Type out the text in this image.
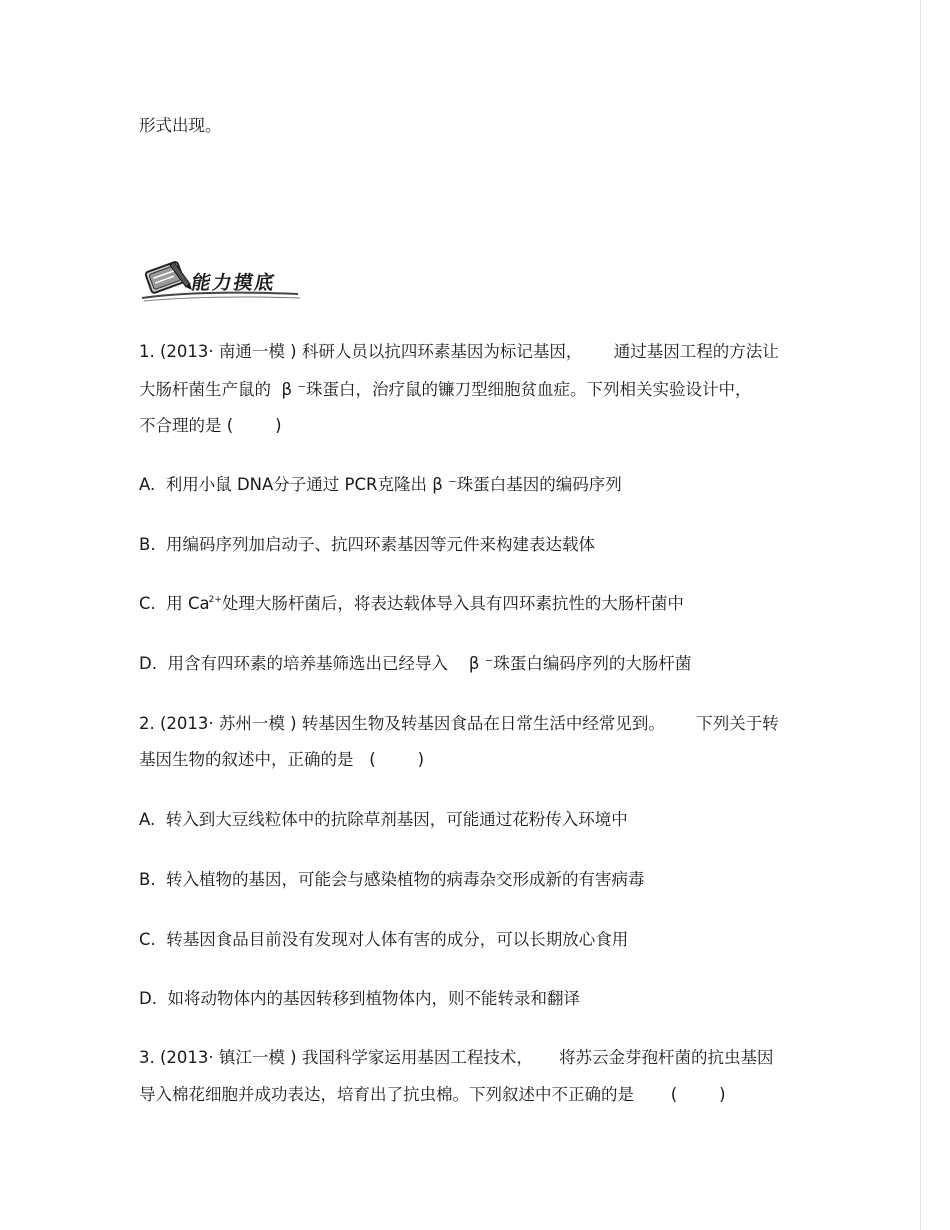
形式出现。
能力摸底
1. (2013· 南通一模 ) 科研人员以抗四环素基因为标记基因，      通过基因工程的方法让
大肠杆菌生产鼠的  β ⁻珠蛋白，治疗鼠的镰刀型细胞贫血症。下列相关实验设计中，
不合理的是 (        )
A.  利用小鼠 DNA分子通过 PCR克隆出 β ⁻珠蛋白基因的编码序列
B.  用编码序列加启动子、抗四环素基因等元件来构建表达载体
C.  用 $Ca^{2+}$处理大肠杆菌后，将表达载体导入具有四环素抗性的大肠杆菌中
D.  用含有四环素的培养基筛选出已经导入    β ⁻珠蛋白编码序列的大肠杆菌
2. (2013· 苏州一模 ) 转基因生物及转基因食品在日常生活中经常见到。      下列关于转
基因生物的叙述中，正确的是   (        )
A.  转入到大豆线粒体中的抗除草剂基因，可能通过花粉传入环境中
B.  转入植物的基因，可能会与感染植物的病毒杂交形成新的有害病毒
C.  转基因食品目前没有发现对人体有害的成分，可以长期放心食用
D.  如将动物体内的基因转移到植物体内，则不能转录和翻译
3. (2013· 镇江一模 ) 我国科学家运用基因工程技术，     将苏云金芽孢杆菌的抗虫基因
导入棉花细胞并成功表达，培育出了抗虫棉。下列叙述中不正确的是       (        )
